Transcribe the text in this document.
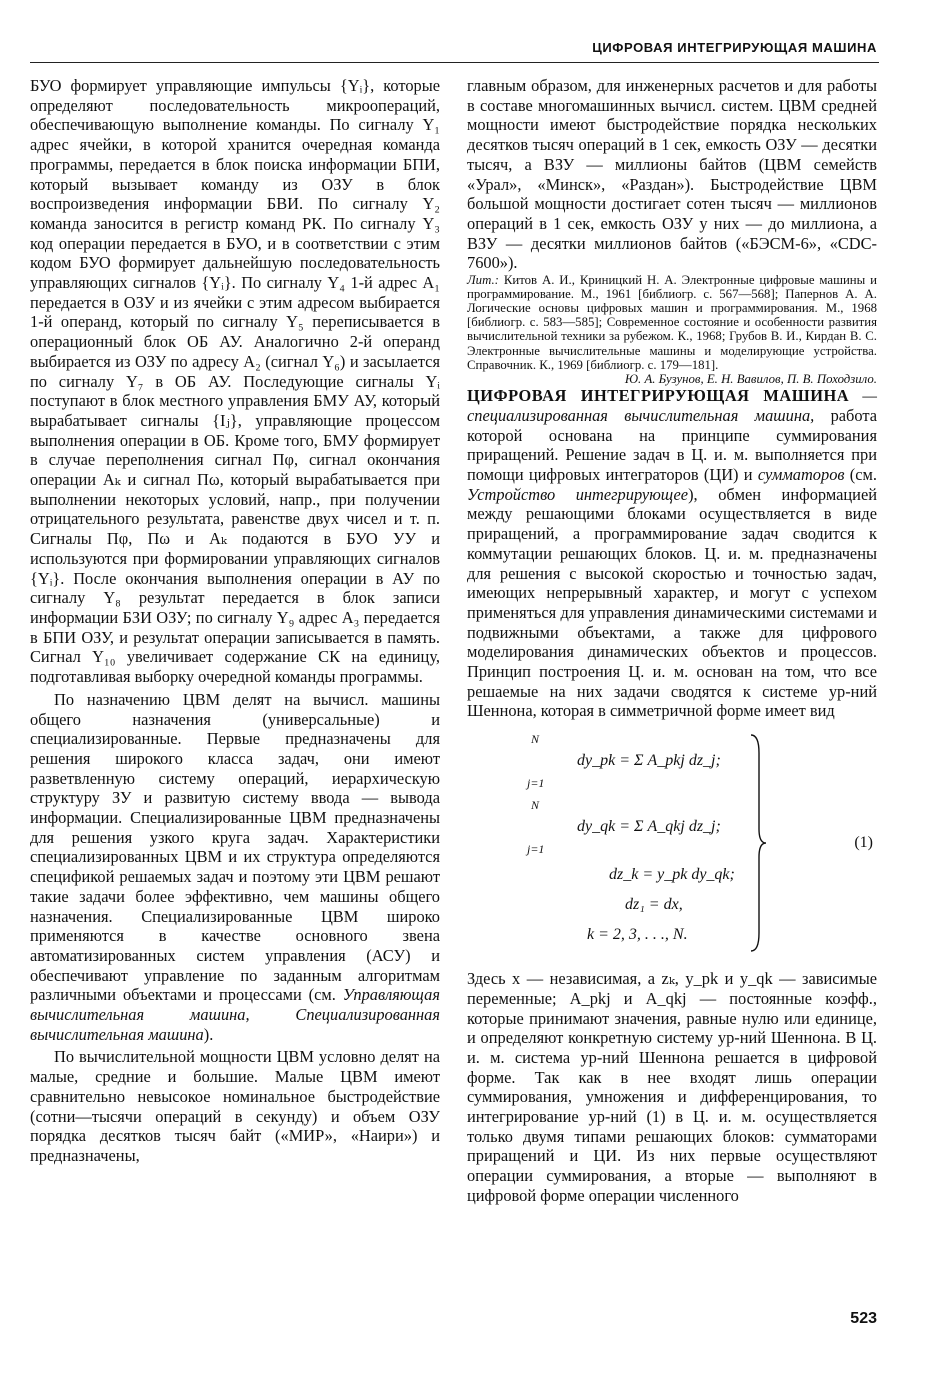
ЦИФРОВАЯ ИНТЕГРИРУЮЩАЯ МАШИНА

БУО формирует управляющие импульсы {Yᵢ}, которые определяют последовательность микроопераций, обеспечивающую выполнение команды. По сигналу Y₁ адрес ячейки, в которой хранится очередная команда программы, передается в блок поиска информации БПИ, который вызывает команду из ОЗУ в блок воспроизведения информации БВИ. По сигналу Y₂ команда заносится в регистр команд РК. По сигналу Y₃ код операции передается в БУО, и в соответствии с этим кодом БУО формирует дальнейшую последовательность управляющих сигналов {Yᵢ}. По сигналу Y₄ 1-й адрес A₁ передается в ОЗУ и из ячейки с этим адресом выбирается 1-й операнд, который по сигналу Y₅ переписывается в операционный блок ОБ АУ. Аналогично 2-й операнд выбирается из ОЗУ по адресу A₂ (сигнал Y₆) и засылается по сигналу Y₇ в ОБ АУ. Последующие сигналы Yᵢ поступают в блок местного управления БМУ АУ, который вырабатывает сигналы {Iⱼ}, управляющие процессом выполнения операции в ОБ. Кроме того, БМУ формирует в случае переполнения сигнал Пφ, сигнал окончания операции Aₖ и сигнал Пω, который вырабатывается при выполнении некоторых условий, напр., при получении отрицательного результата, равенстве двух чисел и т. п. Сигналы Пφ, Пω и Aₖ подаются в БУО УУ и используются при формировании управляющих сигналов {Yᵢ}. После окончания выполнения операции в АУ по сигналу Y₈ результат передается в блок записи информации БЗИ ОЗУ; по сигналу Y₉ адрес A₃ передается в БПИ ОЗУ, и результат операции записывается в память. Сигнал Y₁₀ увеличивает содержание СК на единицу, подготавливая выборку очередной команды программы.

По назначению ЦВМ делят на вычисл. машины общего назначения (универсальные) и специализированные. Первые предназначены для решения широкого класса задач, они имеют разветвленную систему операций, иерархическую структуру ЗУ и развитую систему ввода — вывода информации. Специализированные ЦВМ предназначены для решения узкого круга задач. Характеристики специализированных ЦВМ и их структура определяются спецификой решаемых задач и поэтому эти ЦВМ решают такие задачи более эффективно, чем машины общего назначения. Специализированные ЦВМ широко применяются в качестве основного звена автоматизированных систем управления (АСУ) и обеспечивают управление по заданным алгоритмам различными объектами и процессами (см. Управляющая вычислительная машина, Специализированная вычислительная машина).

По вычислительной мощности ЦВМ условно делят на малые, средние и большие. Малые ЦВМ имеют сравнительно невысокое номинальное быстродействие (сотни—тысячи операций в секунду) и объем ОЗУ порядка десятков тысяч байт («МИР», «Наири») и предназначены,

главным образом, для инженерных расчетов и для работы в составе многомашинных вычисл. систем. ЦВМ средней мощности имеют быстродействие порядка нескольких десятков тысяч операций в 1 сек, емкость ОЗУ — десятки тысяч, а ВЗУ — миллионы байтов (ЦВМ семейств «Урал», «Минск», «Раздан»). Быстродействие ЦВМ большой мощности достигает сотен тысяч — миллионов операций в 1 сек, емкость ОЗУ у них — до миллиона, а ВЗУ — десятки миллионов байтов («БЭСМ-6», «CDC-7600»).

Лит.: Китов А. И., Криницкий Н. А. Электронные цифровые машины и программирование. М., 1961 [библиогр. с. 567—568]; Папернов А. А. Логические основы цифровых машин и программирования. М., 1968 [библиогр. с. 583—585]; Современное состояние и особенности развития вычислительной техники за рубежом. К., 1968; Грубов В. И., Кирдан В. С. Электронные вычислительные машины и моделирующие устройства. Справочник. К., 1969 [библиогр. с. 179—181].

Ю. А. Бузунов, Е. Н. Вавилов, П. В. Походзило.

ЦИФРОВАЯ ИНТЕГРИРУЮЩАЯ МАШИНА — специализированная вычислительная машина, работа которой основана на принципе суммирования приращений. Решение задач в Ц. и. м. выполняется при помощи цифровых интеграторов (ЦИ) и сумматоров (см. Устройство интегрирующее), обмен информацией между решающими блоками осуществляется в виде приращений, а программирование задач сводится к коммутации решающих блоков. Ц. и. м. предназначены для решения с высокой скоростью и точностью задач, имеющих непрерывный характер, и могут с успехом применяться для управления динамическими системами и подвижными объектами, а также для цифрового моделирования динамических объектов и процессов. Принцип построения Ц. и. м. основан на том, что все решаемые на них задачи сводятся к системе ур-ний Шеннона, которая в симметричной форме имеет вид

dy_pk = Σ A_pkj dz_j;
N
j=1
dy_qk = Σ A_qkj dz_j;
N
j=1
dz_k = y_pk dy_qk;
dz₁ = dx,
k = 2, 3, . . ., N.
(1)

Здесь x — независимая, а zₖ, y_pk и y_qk — зависимые переменные; A_pkj и A_qkj — постоянные коэфф., которые принимают значения, равные нулю или единице, и определяют конкретную систему ур-ний Шеннона. В Ц. и. м. система ур-ний Шеннона решается в цифровой форме. Так как в нее входят лишь операции суммирования, умножения и дифференцирования, то интегрирование ур-ний (1) в Ц. и. м. осуществляется только двумя типами решающих блоков: сумматорами приращений и ЦИ. Из них первые осуществляют операции суммирования, а вторые — выполняют в цифровой форме операции численного

523
